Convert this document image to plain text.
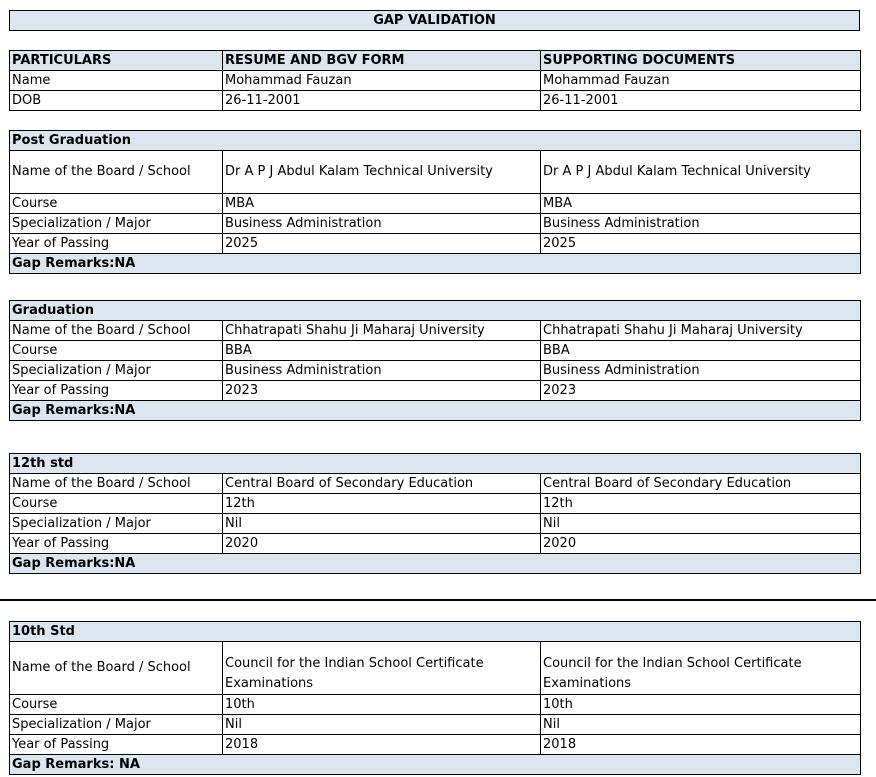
GAP VALIDATION
PARTICULARS	RESUME AND BGV FORM	SUPPORTING DOCUMENTS
Name	Mohammad Fauzan	Mohammad Fauzan
DOB	26-11-2001	26-11-2001
Post Graduation		
Name of the Board / School	Dr A P J Abdul Kalam Technical University	Dr A P J Abdul Kalam Technical University
Course	MBA	MBA
Specialization / Major	Business Administration	Business Administration
Year of Passing	2025	2025
Gap Remarks:NA		
Graduation		
Name of the Board / School	Chhatrapati Shahu Ji Maharaj University	Chhatrapati Shahu Ji Maharaj University
Course	BBA	BBA
Specialization / Major	Business Administration	Business Administration
Year of Passing	2023	2023
Gap Remarks:NA		
12th std		
Name of the Board / School	Central Board of Secondary Education	Central Board of Secondary Education
Course	12th	12th
Specialization / Major	Nil	Nil
Year of Passing	2020	2020
Gap Remarks:NA		
10th Std		
Name of the Board / School	Council for the Indian School Certificate Examinations	Council for the Indian School Certificate Examinations
Course	10th	10th
Specialization / Major	Nil	Nil
Year of Passing	2018	2018
Gap Remarks: NA		
